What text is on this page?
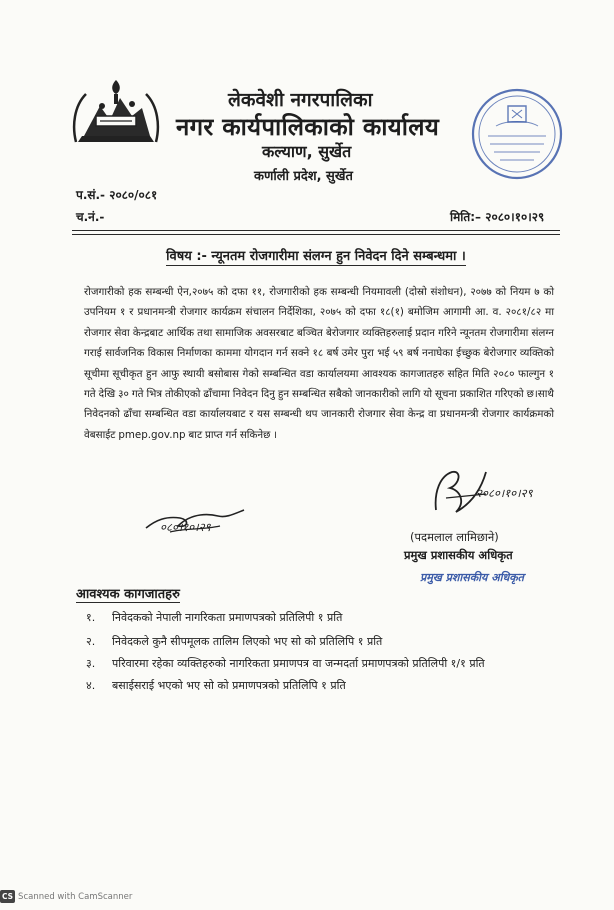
लेकवेशी नगरपालिका
नगर कार्यपालिकाको कार्यालय
कल्याण, सुर्खेत
कर्णाली प्रदेश, सुर्खेत
प.सं.- २०८०/०८१
च.नं.-	मिति:– २०८०।१०।२९
विषय :- न्यूनतम रोजगारीमा संलग्न हुन निवेदन दिने सम्बन्धमा ।
रोजगारीको हक सम्बन्धी ऐन,२०७५ को दफा ११, रोजगारीको हक सम्बन्धी नियमावली (दोस्रो संशोधन), २०७७ को नियम ७ को उपनियम १ र प्रधानमन्त्री रोजगार कार्यक्रम संचालन निर्देशिका, २०७५ को दफा १८(१) बमोजिम आगामी आ. व. २०८१/८२ मा रोजगार सेवा केन्द्रबाट आर्थिक तथा सामाजिक अवसरबाट बञ्चित बेरोजगार व्यक्तिहरुलाई प्रदान गरिने न्यूनतम रोजगारीमा संलग्न गराई सार्वजनिक विकास निर्माणका काममा योगदान गर्न सक्ने १८ बर्ष उमेर पुरा भई ५९ बर्ष ननाघेका ईच्छुक बेरोजगार व्यक्तिको सूचीमा सूचीकृत हुन आफु स्थायी बसोबास गेको सम्बन्धित वडा कार्यालयमा आवश्यक कागजातहरु सहित मिति २०८० फाल्गुन १ गते देखि ३० गते भित्र तोकीएको ढाँचामा निवेदन दिनु हुन सम्बन्धित सबैको जानकारीको लागि यो सूचना प्रकाशित गरिएको छ।साथै निवेदनको ढाँचा सम्बन्धित वडा कार्यालयबाट र यस सम्बन्धी थप जानकारी रोजगार सेवा केन्द्र वा प्रधानमन्त्री रोजगार कार्यक्रमको वेबसाईट pmep.gov.np बाट प्राप्त गर्न सकिनेछ ।
०८०।१०।२९
२०८०।१०।२९
(पदमलाल लामिछाने)
प्रमुख प्रशासकीय अधिकृत
प्रमुख प्रशासकीय अधिकृत
आवश्यक कागजातहरु
१. निवेदकको नेपाली नागरिकता प्रमाणपत्रको प्रतिलिपी १ प्रति
२. निवेदकले कुनै सीपमूलक तालिम लिएको भए सो को प्रतिलिपि १ प्रति
३. परिवारमा रहेका व्यक्तिहरुको नागरिकता प्रमाणपत्र वा जन्मदर्ता प्रमाणपत्रको प्रतिलिपी १/१ प्रति
४. बसाईसराई भएको भए सो को प्रमाणपत्रको प्रतिलिपि १ प्रति
CS Scanned with CamScanner
